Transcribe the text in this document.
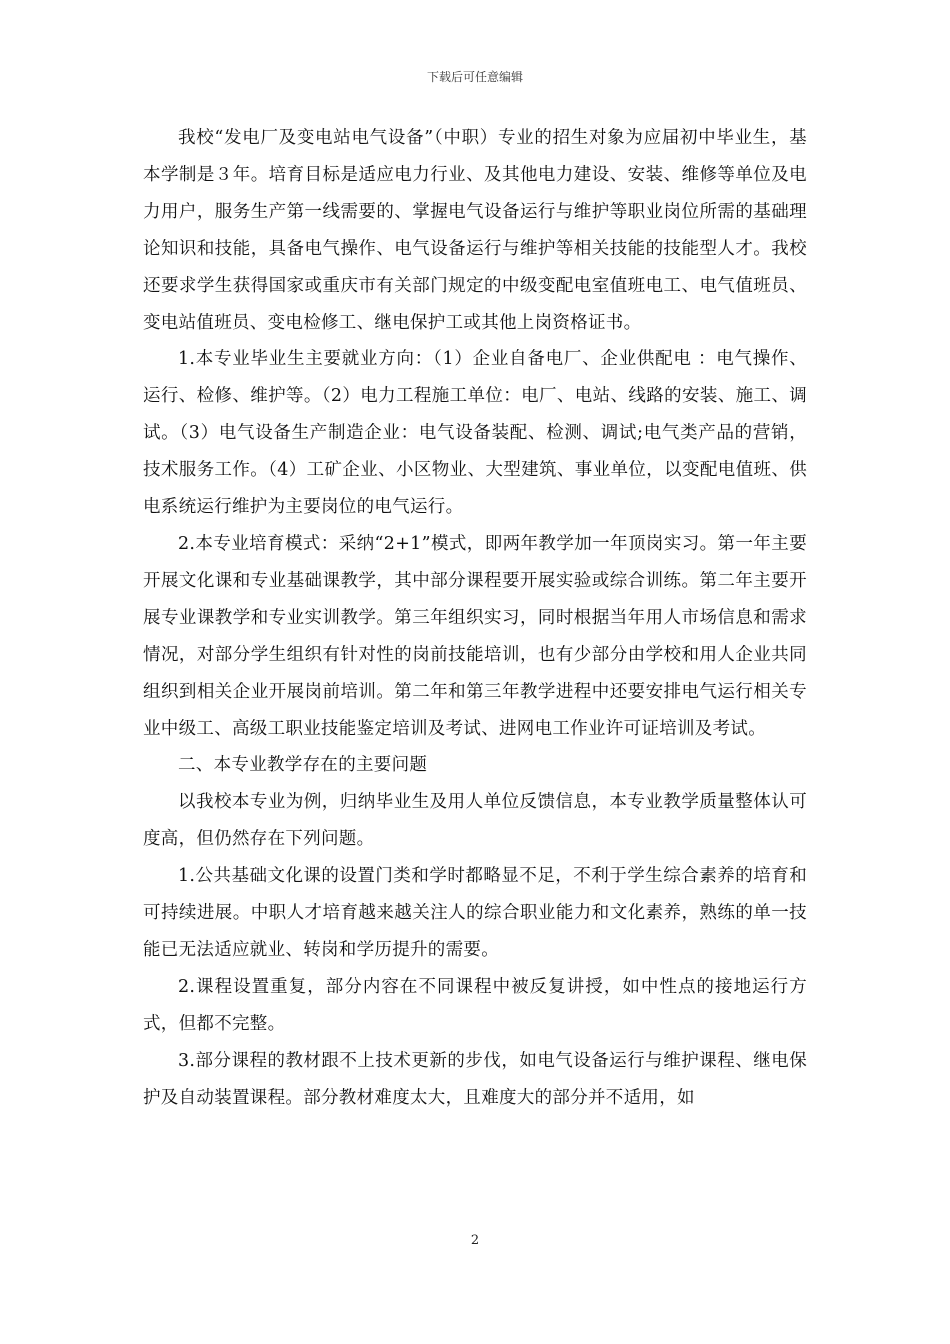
下载后可任意编辑

我校“发电厂及变电站电气设备”（中职）专业的招生对象为应届初中毕业生，基本学制是３年。培育目标是适应电力行业、及其他电力建设、安装、维修等单位及电力用户，服务生产第一线需要的、掌握电气设备运行与维护等职业岗位所需的基础理论知识和技能，具备电气操作、电气设备运行与维护等相关技能的技能型人才。我校还要求学生获得国家或重庆市有关部门规定的中级变配电室值班电工、电气值班员、变电站值班员、变电检修工、继电保护工或其他上岗资格证书。

1.本专业毕业生主要就业方向：（1）企业自备电厂、企业供配电 ：电气操作、运行、检修、维护等。（2）电力工程施工单位：电厂、电站、线路的安装、施工、调试。（3）电气设备生产制造企业：电气设备装配、检测、调试;电气类产品的营销，技术服务工作。（4）工矿企业、小区物业、大型建筑、事业单位，以变配电值班、供电系统运行维护为主要岗位的电气运行。

2.本专业培育模式：采纳“2+1”模式，即两年教学加一年顶岗实习。第一年主要开展文化课和专业基础课教学，其中部分课程要开展实验或综合训练。第二年主要开展专业课教学和专业实训教学。第三年组织实习，同时根据当年用人市场信息和需求情况，对部分学生组织有针对性的岗前技能培训，也有少部分由学校和用人企业共同组织到相关企业开展岗前培训。第二年和第三年教学进程中还要安排电气运行相关专业中级工、高级工职业技能鉴定培训及考试、进网电工作业许可证培训及考试。

二、本专业教学存在的主要问题

以我校本专业为例，归纳毕业生及用人单位反馈信息，本专业教学质量整体认可度高，但仍然存在下列问题。

1.公共基础文化课的设置门类和学时都略显不足，不利于学生综合素养的培育和可持续进展。中职人才培育越来越关注人的综合职业能力和文化素养，熟练的单一技能已无法适应就业、转岗和学历提升的需要。

2.课程设置重复，部分内容在不同课程中被反复讲授，如中性点的接地运行方式，但都不完整。

3.部分课程的教材跟不上技术更新的步伐，如电气设备运行与维护课程、继电保护及自动装置课程。部分教材难度太大，且难度大的部分并不适用，如

2
